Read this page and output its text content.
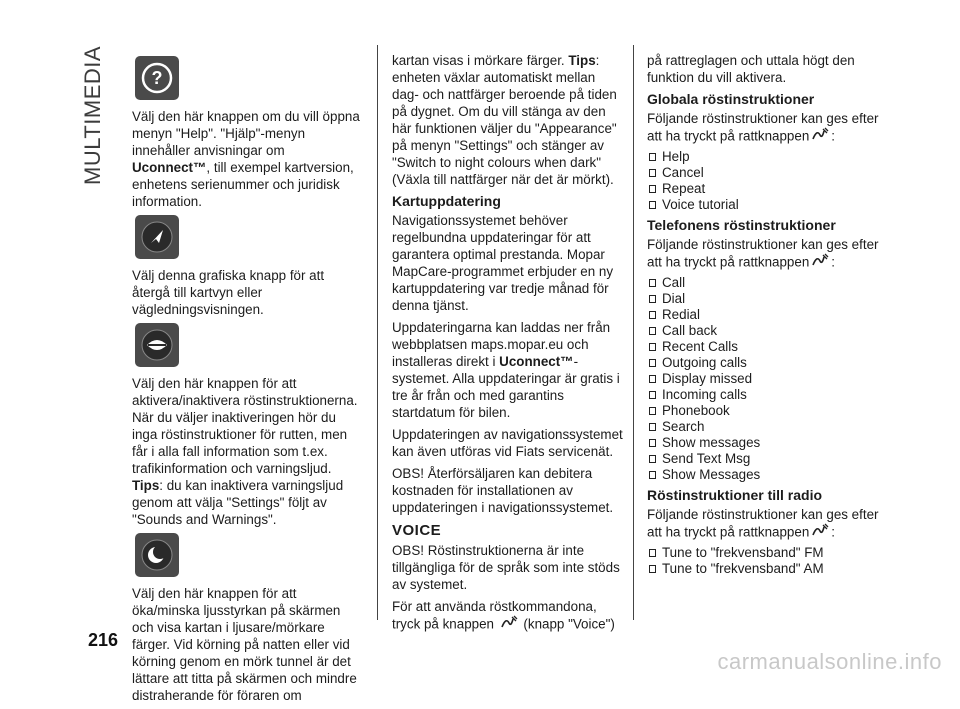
MULTIMEDIA	?

Välj den här knappen om du vill öppna menyn "Help". "Hjälp"-menyn innehåller anvisningar om Uconnect™, till exempel kartversion, enhetens serienummer och juridisk information.

Välj denna grafiska knapp för att återgå till kartvyn eller vägledningsvisningen.

Välj den här knappen för att aktivera/inaktivera röstinstruktionerna. När du väljer inaktiveringen hör du inga röstinstruktioner för rutten, men får i alla fall information som t.ex. trafikinformation och varningsljud. Tips: du kan inaktivera varningsljud genom att välja "Settings" följt av "Sounds and Warnings".

Välj den här knappen för att öka/minska ljusstyrkan på skärmen och visa kartan i ljusare/mörkare färger. Vid körning på natten eller vid körning genom en mörk tunnel är det lättare att titta på skärmen och mindre distraherande för föraren om

kartan visas i mörkare färger. Tips: enheten växlar automatiskt mellan dag- och nattfärger beroende på tiden på dygnet. Om du vill stänga av den här funktionen väljer du "Appearance" på menyn "Settings" och stänger av "Switch to night colours when dark" (Växla till nattfärger när det är mörkt).

Kartuppdatering

Navigationssystemet behöver regelbundna uppdateringar för att garantera optimal prestanda. Mopar MapCare-programmet erbjuder en ny kartuppdatering var tredje månad för denna tjänst.

Uppdateringarna kan laddas ner från webbplatsen maps.mopar.eu och installeras direkt i Uconnect™-systemet. Alla uppdateringar är gratis i tre år från och med garantins startdatum för bilen.

Uppdateringen av navigationssystemet kan även utföras vid Fiats servicenät.

OBS! Återförsäljaren kan debitera kostnaden för installationen av uppdateringen i navigationssystemet.

VOICE

OBS! Röstinstruktionerna är inte tillgängliga för de språk som inte stöds av systemet.

För att använda röstkommandona, tryck på knappen  (knapp "Voice")

på rattreglagen och uttala högt den funktion du vill aktivera.

Globala röstinstruktioner

Följande röstinstruktioner kan ges efter att ha tryckt på rattknappen :

Help
Cancel
Repeat
Voice tutorial
Telefonens röstinstruktioner

Följande röstinstruktioner kan ges efter att ha tryckt på rattknappen :

Call
Dial
Redial
Call back
Recent Calls
Outgoing calls
Display missed
Incoming calls
Phonebook
Search
Show messages
Send Text Msg
Show Messages
Röstinstruktioner till radio

Följande röstinstruktioner kan ges efter att ha tryckt på rattknappen :

Tune to "frekvensband" FM
Tune to "frekvensband" AM
216
carmanualsonline.info
